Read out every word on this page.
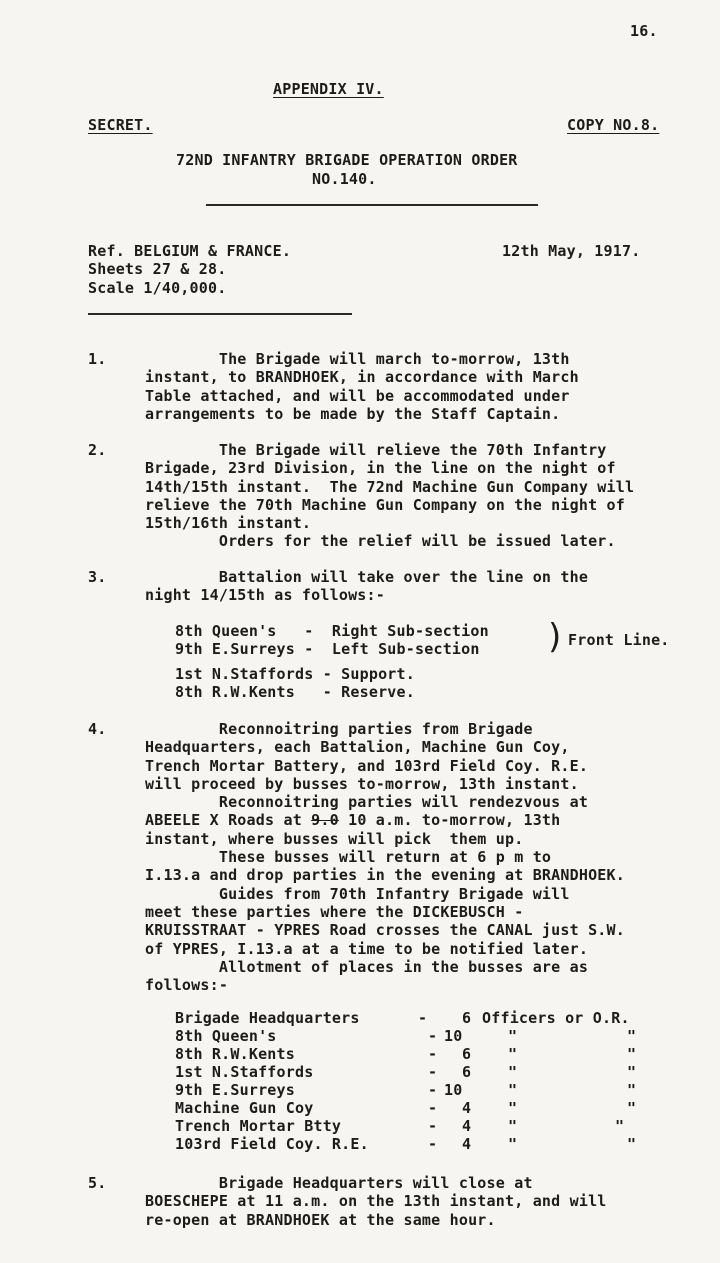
16.
APPENDIX IV.
SECRET.	COPY NO.8.
72ND INFANTRY BRIGADE OPERATION ORDER
NO.140.
Ref. BELGIUM & FRANCE.
Sheets 27 & 28.
Scale 1/40,000.
12th May, 1917.
1.	The Brigade will march to-morrow, 13th
instant, to BRANDHOEK, in accordance with March
Table attached, and will be accommodated under
arrangements to be made by the Staff Captain.
2.	The Brigade will relieve the 70th Infantry
Brigade, 23rd Division, in the line on the night of
14th/15th instant.  The 72nd Machine Gun Company will
relieve the 70th Machine Gun Company on the night of
15th/16th instant.
Orders for the relief will be issued later.
3.	Battalion will take over the line on the
night 14/15th as follows:-
8th Queen's   -  Right Sub-section
9th E.Surreys -  Left Sub-section
1st N.Staffords - Support.
8th R.W.Kents   - Reserve.
) Front Line.
4.	Reconnoitring parties from Brigade
Headquarters, each Battalion, Machine Gun Coy,
Trench Mortar Battery, and 103rd Field Coy. R.E.
will proceed by busses to-morrow, 13th instant.
Reconnoitring parties will rendezvous at
ABEELE X Roads at 9.0 10 a.m. to-morrow, 13th
instant, where busses will pick  them up.
These busses will return at 6 p m to
I.13.a and drop parties in the evening at BRANDHOEK.
Guides from 70th Infantry Brigade will
meet these parties where the DICKEBUSCH -
KRUISSTRAAT - YPRES Road crosses the CANAL just S.W.
of YPRES, I.13.a at a time to be notified later.
Allotment of places in the busses are as
follows:-
Brigade Headquarters	- 6 Officers or O.R.
8th Queen's	- 10	"	"
8th R.W.Kents	- 6 "	"
1st N.Staffords	- 6 "	"
9th E.Surreys	- 10	"	"
Machine Gun Coy	- 4 "	"
Trench Mortar Btty	- 4 "	"
103rd Field Coy. R.E.	- 4 "	"
5.	Brigade Headquarters will close at
BOESCHEPE at 11 a.m. on the 13th instant, and will
re-open at BRANDHOEK at the same hour.
